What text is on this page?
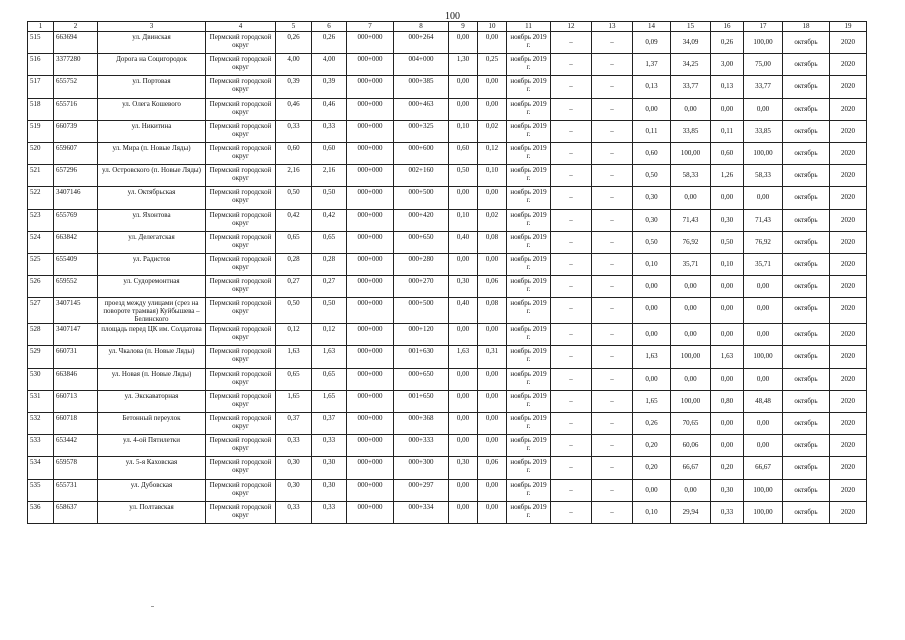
100
1	2	3	4	5	6	7	8	9	10	11	12	13	14	15	16	17	18	19

515	663694	ул. Двинская	Пермский городской округ	0,26	0,26	000+000	000+264	0,00	0,00	ноябрь 2019 г.	–	–	0,09	34,09	0,26	100,00	октябрь	2020

516	3377280	Дорога на Социгородок	Пермский городской округ	4,00	4,00	000+000	004+000	1,30	0,25	ноябрь 2019 г.	–	–	1,37	34,25	3,00	75,00	октябрь	2020

517	655752	ул. Портовая	Пермский городской округ	0,39	0,39	000+000	000+385	0,00	0,00	ноябрь 2019 г.	–	–	0,13	33,77	0,13	33,77	октябрь	2020

518	655716	ул. Олега Кошевого	Пермский городской округ	0,46	0,46	000+000	000+463	0,00	0,00	ноябрь 2019 г.	–	–	0,00	0,00	0,00	0,00	октябрь	2020

519	660739	ул. Никитина	Пермский городской округ	0,33	0,33	000+000	000+325	0,10	0,02	ноябрь 2019 г.	–	–	0,11	33,85	0,11	33,85	октябрь	2020

520	659607	ул. Мира (п. Новые Ляды)	Пермский городской округ	0,60	0,60	000+000	000+600	0,60	0,12	ноябрь 2019 г.	–	–	0,60	100,00	0,60	100,00	октябрь	2020

521	657296	ул. Островского (п. Новые Ляды)	Пермский городской округ	2,16	2,16	000+000	002+160	0,50	0,10	ноябрь 2019 г.	–	–	0,50	58,33	1,26	58,33	октябрь	2020

522	3407146	ул. Октябрьская	Пермский городской округ	0,50	0,50	000+000	000+500	0,00	0,00	ноябрь 2019 г.	–	–	0,30	0,00	0,00	0,00	октябрь	2020

523	655769	ул. Яхонтова	Пермский городской округ	0,42	0,42	000+000	000+420	0,10	0,02	ноябрь 2019 г.	–	–	0,30	71,43	0,30	71,43	октябрь	2020

524	663842	ул. Делегатская	Пермский городской округ	0,65	0,65	000+000	000+650	0,40	0,08	ноябрь 2019 г.	–	–	0,50	76,92	0,50	76,92	октябрь	2020

525	655409	ул. Радистов	Пермский городской округ	0,28	0,28	000+000	000+280	0,00	0,00	ноябрь 2019 г.	–	–	0,10	35,71	0,10	35,71	октябрь	2020

526	659552	ул. Судоремонтная	Пермский городской округ	0,27	0,27	000+000	000+270	0,30	0,06	ноябрь 2019 г.	–	–	0,00	0,00	0,00	0,00	октябрь	2020

527	3407145	проезд между улицами (срез на повороте трамвая) Куйбышева – Белинского	Пермский городской округ	0,50	0,50	000+000	000+500	0,40	0,08	ноябрь 2019 г.	–	–	0,00	0,00	0,00	0,00	октябрь	2020

528	3407147	площадь перед ЦК им. Солдатова	Пермский городской округ	0,12	0,12	000+000	000+120	0,00	0,00	ноябрь 2019 г.	–	–	0,00	0,00	0,00	0,00	октябрь	2020

529	660731	ул. Чкалова (п. Новые Ляды)	Пермский городской округ	1,63	1,63	000+000	001+630	1,63	0,31	ноябрь 2019 г.	–	–	1,63	100,00	1,63	100,00	октябрь	2020

530	663846	ул. Новая (п. Новые Ляды)	Пермский городской округ	0,65	0,65	000+000	000+650	0,00	0,00	ноябрь 2019 г.	–	–	0,00	0,00	0,00	0,00	октябрь	2020

531	660713	ул. Экскаваторная	Пермский городской округ	1,65	1,65	000+000	001+650	0,00	0,00	ноябрь 2019 г.	–	–	1,65	100,00	0,80	48,48	октябрь	2020

532	660718	Бетонный переулок	Пермский городской округ	0,37	0,37	000+000	000+368	0,00	0,00	ноябрь 2019 г.	–	–	0,26	70,65	0,00	0,00	октябрь	2020

533	653442	ул. 4-ой Пятилетки	Пермский городской округ	0,33	0,33	000+000	000+333	0,00	0,00	ноябрь 2019 г.	–	–	0,20	60,06	0,00	0,00	октябрь	2020

534	659578	ул. 5-я Каховская	Пермский городской округ	0,30	0,30	000+000	000+300	0,30	0,06	ноябрь 2019 г.	–	–	0,20	66,67	0,20	66,67	октябрь	2020

535	655731	ул. Дубовская	Пермский городской округ	0,30	0,30	000+000	000+297	0,00	0,00	ноябрь 2019 г.	–	–	0,00	0,00	0,30	100,00	октябрь	2020

536	658637	ул. Полтавская	Пермский городской округ	0,33	0,33	000+000	000+334	0,00	0,00	ноябрь 2019 г.	–	–	0,10	29,94	0,33	100,00	октябрь	2020
